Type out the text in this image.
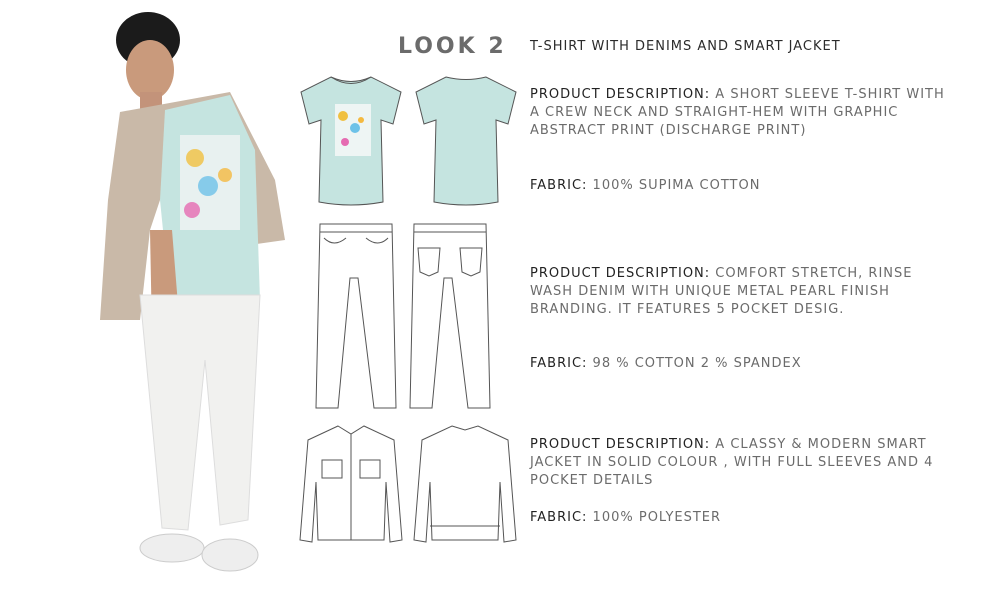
LOOK 2 T-SHIRT WITH DENIMS AND SMART JACKET
PRODUCT DESCRIPTION: A SHORT SLEEVE T-SHIRT WITH A CREW NECK AND STRAIGHT-HEM WITH GRAPHIC ABSTRACT PRINT (DISCHARGE PRINT)
FABRIC: 100% SUPIMA COTTON
PRODUCT DESCRIPTION: COMFORT STRETCH, RINSE WASH DENIM WITH UNIQUE METAL PEARL FINISH BRANDING. IT FEATURES 5 POCKET DESIG.
FABRIC: 98 % COTTON 2 % SPANDEX
PRODUCT DESCRIPTION: A CLASSY & MODERN SMART JACKET IN SOLID COLOUR , WITH FULL SLEEVES AND 4 POCKET DETAILS
FABRIC: 100% POLYESTER
